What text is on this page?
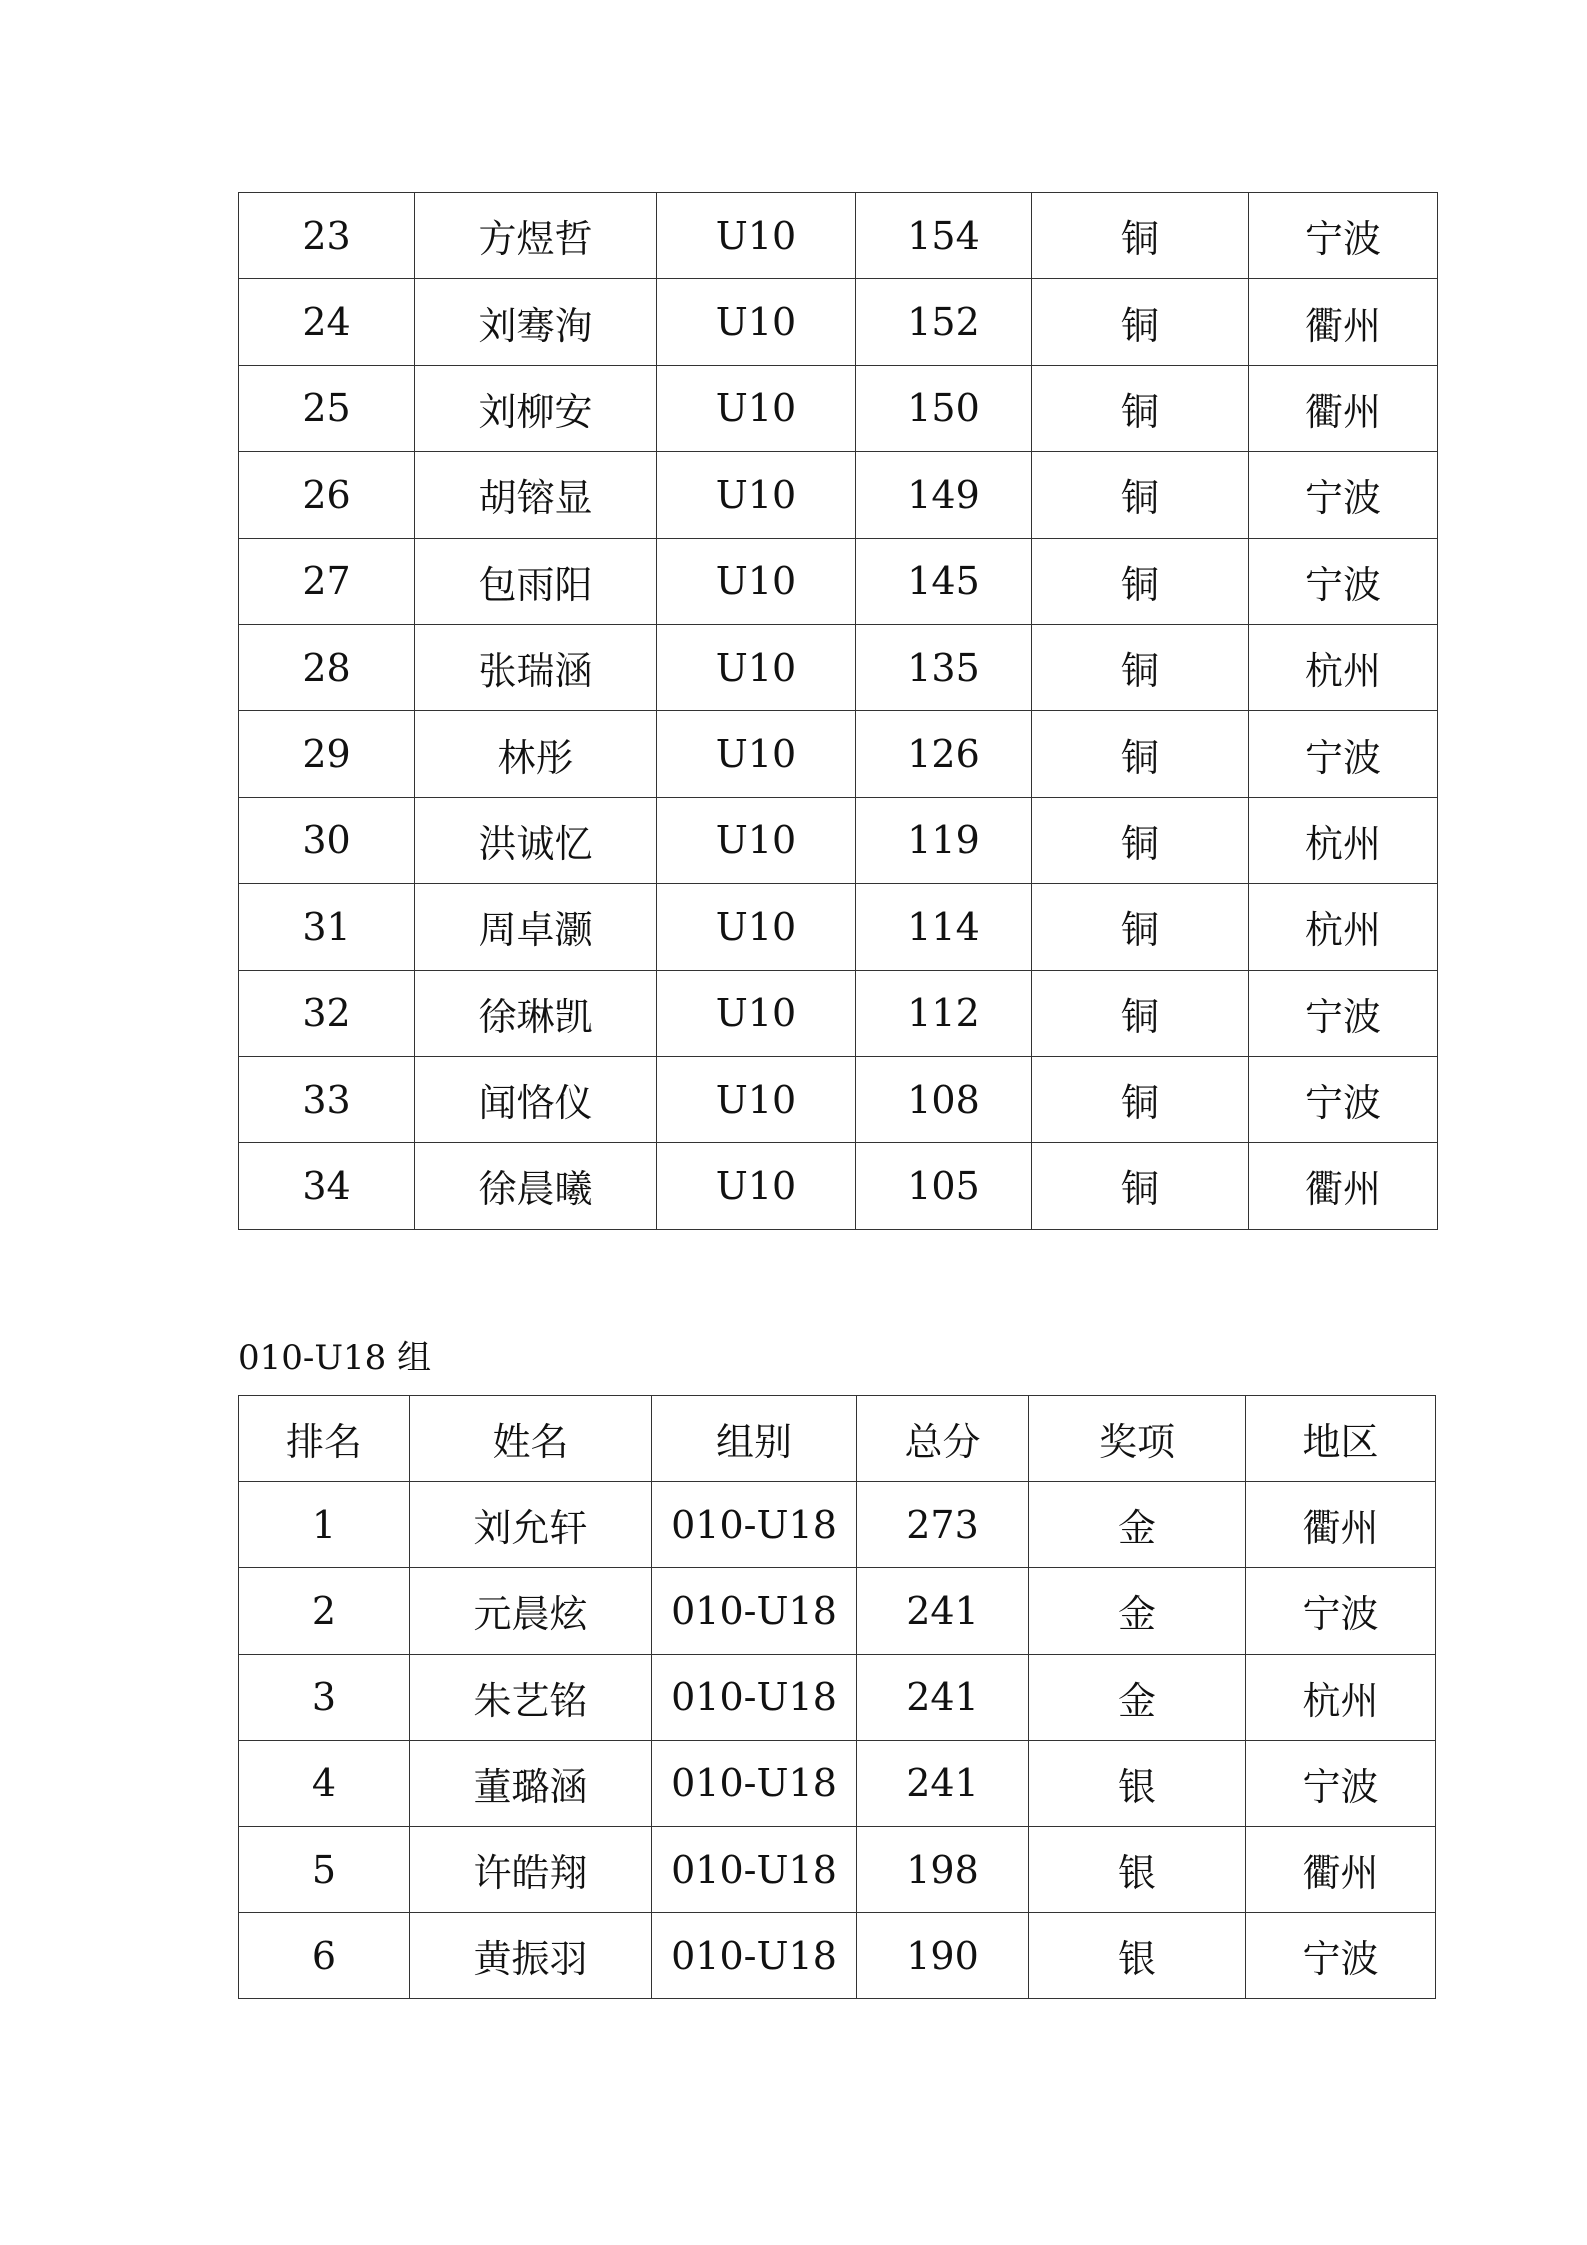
23	方煜哲	U10	154	铜	宁波
24	刘骞洵	U10	152	铜	衢州
25	刘柳安	U10	150	铜	衢州
26	胡镕显	U10	149	铜	宁波
27	包雨阳	U10	145	铜	宁波
28	张瑞涵	U10	135	铜	杭州
29	林彤	U10	126	铜	宁波
30	洪诚忆	U10	119	铜	杭州
31	周卓灏	U10	114	铜	杭州
32	徐琳凯	U10	112	铜	宁波
33	闻恪仪	U10	108	铜	宁波
34	徐晨曦	U10	105	铜	衢州
010-U18 组
排名	姓名	组别	总分	奖项	地区
1	刘允轩	010-U18	273	金	衢州
2	元晨炫	010-U18	241	金	宁波
3	朱艺铭	010-U18	241	金	杭州
4	董璐涵	010-U18	241	银	宁波
5	许皓翔	010-U18	198	银	衢州
6	黄振羽	010-U18	190	银	宁波
